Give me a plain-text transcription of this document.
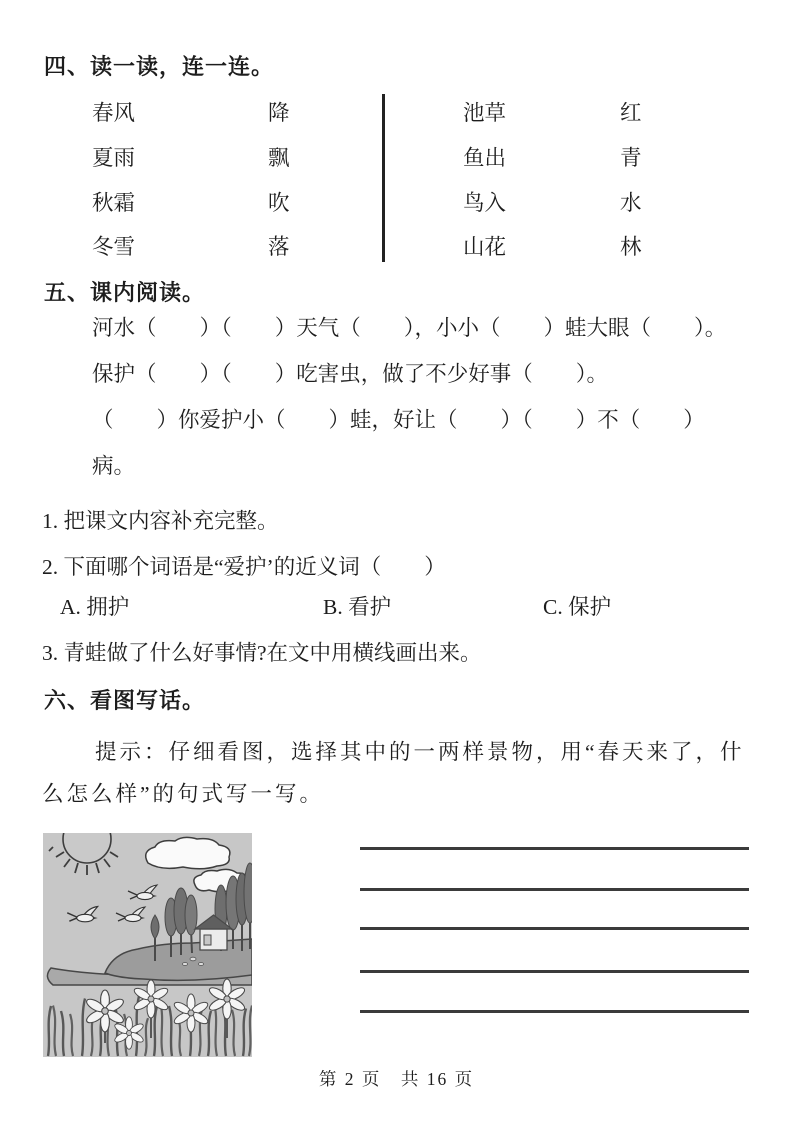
四、读一读，连一连。
春风	降	池草	红
夏雨	飘	鱼出	青
秋霜	吹	鸟入	水
冬雪	落	山花	林
五、课内阅读。
河水（　　）（　　）天气（　　），小小（　　）蛙大眼（　　）。
保护（　　）（　　）吃害虫，做了不少好事（　　）。
（　　）你爱护小（　　）蛙，好让（　　）（　　）不（　　）
病。
1. 把课文内容补充完整。
2. 下面哪个词语是“爱护’的近义词（　　）
A. 拥护	B. 看护	C. 保护
3. 青蛙做了什么好事情?在文中用横线画出来。
六、看图写话。
提示：仔细看图，选择其中的一两样景物，用“春天来了，什
么怎么样”的句式写一写。
第 2 页　共 16 页
